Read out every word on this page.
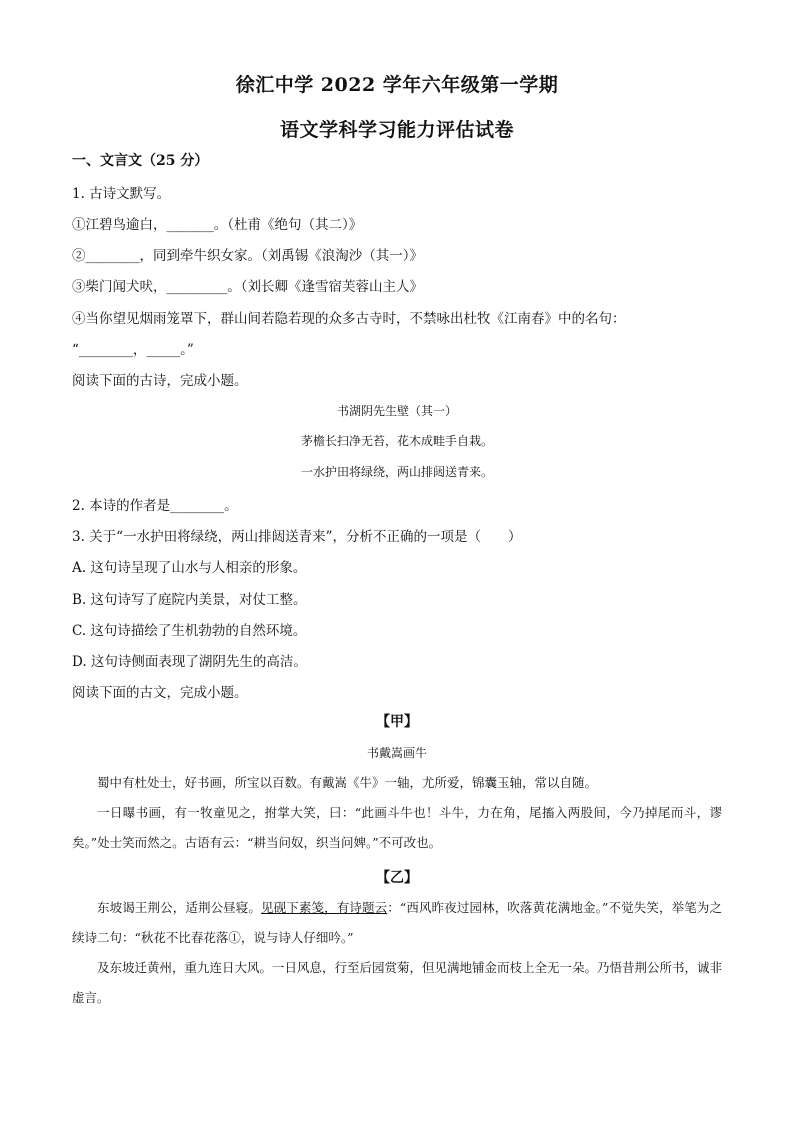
徐汇中学 2022 学年六年级第一学期
语文学科学习能力评估试卷
一、文言文（25 分）
1. 古诗文默写。
①江碧鸟逾白，_______。（杜甫《绝句（其二）》
②________，同到牵牛织女家。（刘禹锡《浪淘沙（其一）》
③柴门闻犬吠，_________。（刘长卿《逢雪宿芙蓉山主人》
④当你望见烟雨笼罩下，群山间若隐若现的众多古寺时，不禁咏出杜牧《江南春》中的名句：
“________，_____。”
阅读下面的古诗，完成小题。
书湖阴先生壁（其一）
茅檐长扫净无苔，花木成畦手自栽。
一水护田将绿绕，两山排闼送青来。
2. 本诗的作者是________。
3. 关于“一水护田将绿绕，两山排闼送青来”，分析不正确的一项是（　　）
A. 这句诗呈现了山水与人相亲的形象。
B. 这句诗写了庭院内美景，对仗工整。
C. 这句诗描绘了生机勃勃的自然环境。
D. 这句诗侧面表现了湖阴先生的高洁。
阅读下面的古文，完成小题。
【甲】
书戴嵩画牛

蜀中有杜处士，好书画，所宝以百数。有戴嵩《牛》一轴，尤所爱，锦囊玉轴，常以自随。

一日曝书画，有一牧童见之，拊掌大笑，曰：“此画斗牛也！斗牛，力在角，尾搐入两股间，今乃掉尾而斗，谬矣。”处士笑而然之。古语有云：“耕当问奴，织当问婢。”不可改也。

【乙】

东坡谒王荆公，适荆公昼寝。见砚下素笺，有诗题云：“西风昨夜过园林，吹落黄花满地金。”不觉失笑，举笔为之续诗二句：“秋花不比春花落①，说与诗人仔细吟。”

及东坡迁黄州，重九连日大风。一日风息，行至后园赏菊，但见满地铺金而枝上全无一朵。乃悟昔荆公所书，诚非虚言。
